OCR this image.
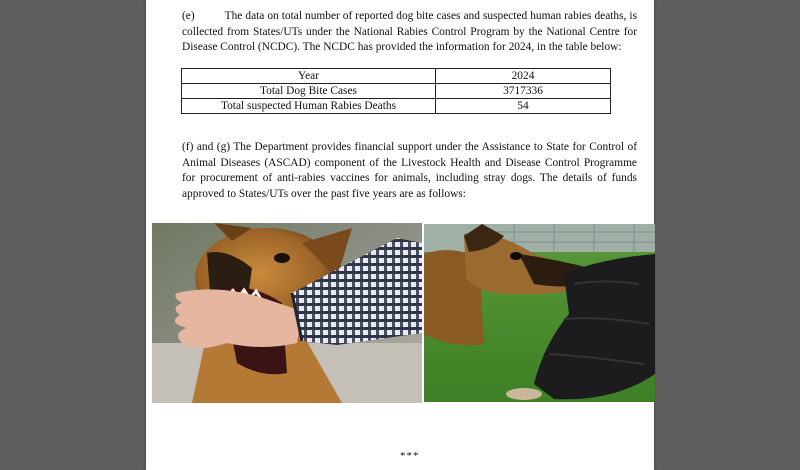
(e)	The data on total number of reported dog bite cases and suspected human rabies deaths, is collected from States/UTs under the National Rabies Control Program by the National Centre for Disease Control (NCDC). The NCDC has provided the information for 2024, in the table below:

Year	2024
Total Dog Bite Cases	3717336
Total suspected Human Rabies Deaths	54

(f) and (g) The Department provides financial support under the Assistance to State for Control of Animal Diseases (ASCAD) component of the Livestock Health and Disease Control Programme for procurement of anti-rabies vaccines for animals, including stray dogs. The details of funds approved to States/UTs over the past five years are as follows:

***
